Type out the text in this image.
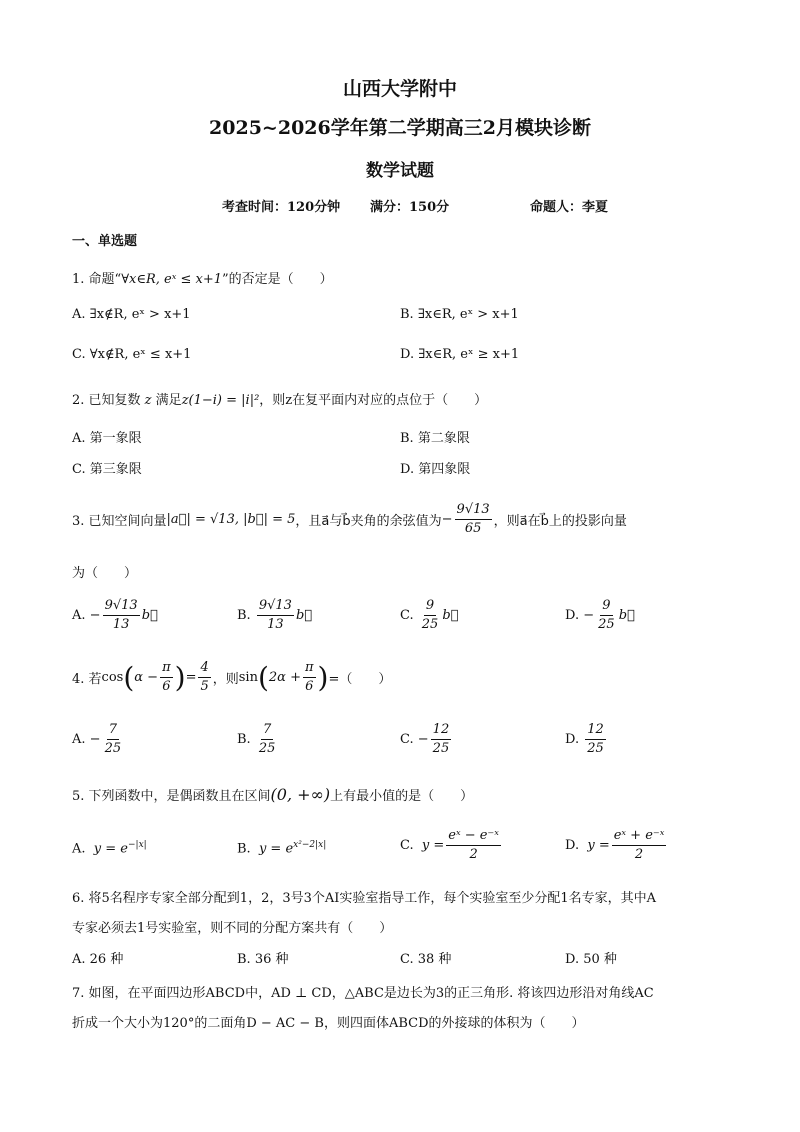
山西大学附中
2025~2026学年第二学期高三2月模块诊断
数学试题
考查时间：120分钟 满分：150分	命题人：李夏
一、单选题
1. 命题“∀x∈R, eˣ ≤ x+1”的否定是（　　）
A. ∃x∉R, eˣ > x+1	B. ∃x∈R, eˣ > x+1
C. ∀x∉R, eˣ ≤ x+1	D. ∃x∈R, eˣ ≥ x+1
2. 已知复数 z 满足z(1−i) = |i|²，则z在复平面内对应的点位于（　　）
A. 第一象限	B. 第二象限
C. 第三象限	D. 第四象限
3. 已知空间向量 |a⃗| = √13, |b⃗| = 5 ，且a⃗与b⃗夹角的余弦值为 − $\frac{9√13}{65}$ ，则a⃗在b⃗上的投影向量
为（　　）
A.
− $\frac{9√13}{13}$ b⃗	B.
$\frac{9√13}{13}$ b⃗	C.
$\frac{9}{25}$ b⃗	D.
− $\frac{9}{25}$ b⃗
4. 若 cos ( $\alpha - \frac{\pi}{6}$ ) = $\frac{4}{5}$ ，则 sin ( $2\alpha + \frac{\pi}{6}$ ) =（　　）
A.
− $\frac{7}{25}$	B.
$\frac{7}{25}$	C.
− $\frac{12}{25}$	D.
$\frac{12}{25}$
5. 下列函数中，是偶函数且在区间(0, +∞)上有最小值的是（　　）
A. $y = e^{-|x|}$	B. $y = e^{x^2-2|x|}$	C.
$y = \frac{\text{eˣ − e⁻ˣ}}{2}$	D.
$y = \frac{\text{eˣ + e⁻ˣ}}{2}$
6. 将5名程序专家全部分配到1，2，3号3个AI实验室指导工作，每个实验室至少分配1名专家，其中A
专家必须去1号实验室，则不同的分配方案共有（　　）
A. 26 种	B. 36 种	C. 38 种	D. 50 种
7. 如图，在平面四边形ABCD中，AD ⊥ CD，△ABC是边长为3的正三角形. 将该四边形沿对角线AC
折成一个大小为120°的二面角D − AC − B，则四面体ABCD的外接球的体积为（　　）
